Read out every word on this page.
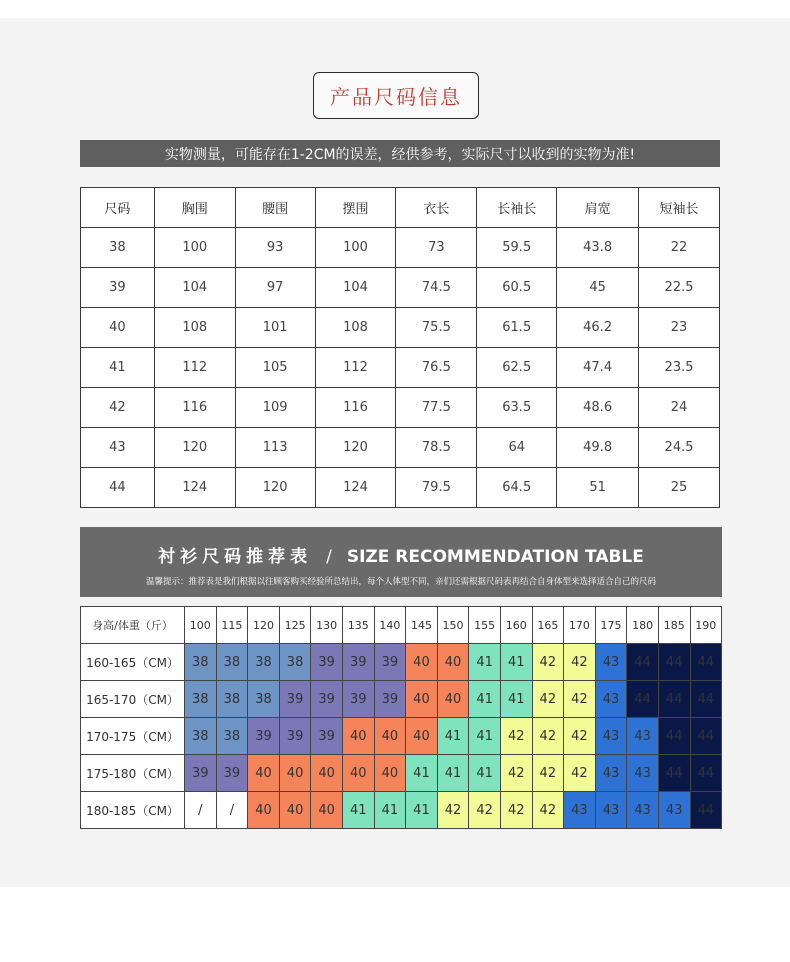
产品尺码信息
实物测量，可能存在1-2CM的误差，经供参考，实际尺寸以收到的实物为准!
尺码	胸围	腰围	摆围	衣长	长袖长	肩宽	短袖长
38	100	93	100	73	59.5	43.8	22
39	104	97	104	74.5	60.5	45	22.5
40	108	101	108	75.5	61.5	46.2	23
41	112	105	112	76.5	62.5	47.4	23.5
42	116	109	116	77.5	63.5	48.6	24
43	120	113	120	78.5	64	49.8	24.5
44	124	120	124	79.5	64.5	51	25
衬衫尺码推荐表 / SIZE RECOMMENDATION TABLE
温馨提示：推荐表是我们根据以往顾客购买经验所总结出，每个人体型不同，亲们还需根据尺码表再结合自身体型来选择适合自己的尺码
身高/体重（斤）	100	115	120	125	130	135	140	145	150	155	160	165	170	175	180	185	190
160-165（CM）	38	38	38	38	39	39	39	40	40	41	41	42	42	43	44	44	44
165-170（CM）	38	38	38	39	39	39	39	40	40	41	41	42	42	43	44	44	44
170-175（CM）	38	38	39	39	39	40	40	40	41	41	42	42	42	43	43	44	44
175-180（CM）	39	39	40	40	40	40	40	41	41	41	42	42	42	43	43	44	44
180-185（CM）	/	/	40	40	40	41	41	41	42	42	42	42	43	43	43	43	44
